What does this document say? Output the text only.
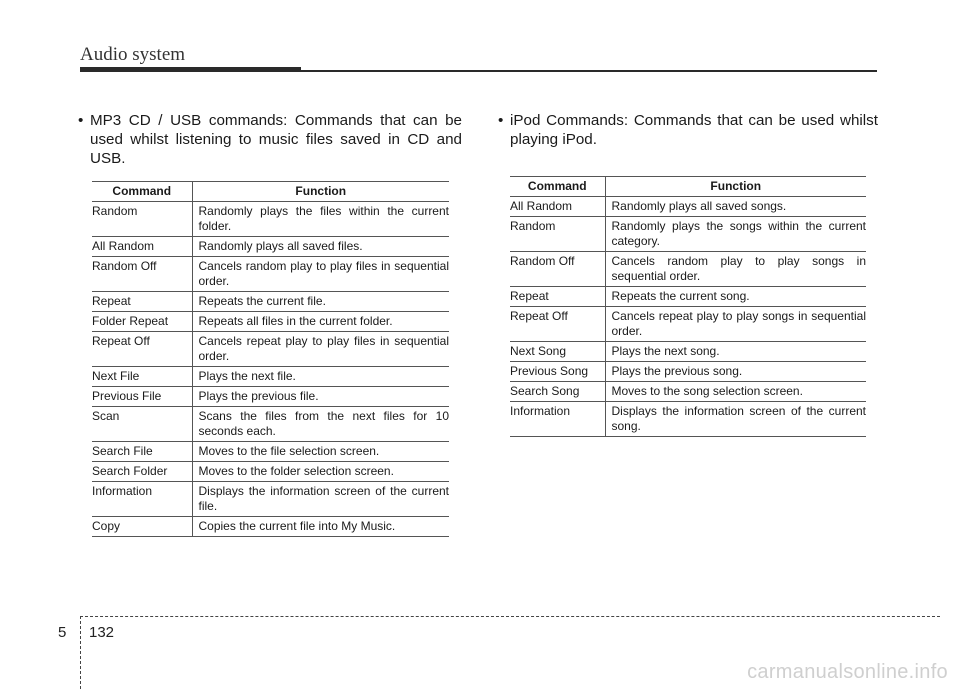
Audio system
• MP3 CD / USB commands: Commands that can be used whilst listening to music files saved in CD and USB.
• iPod Commands: Commands that can be used whilst playing iPod.
Command	Function
Random	Randomly plays the files within the current folder.
All Random	Randomly plays all saved files.
Random Off	Cancels random play to play files in sequential order.
Repeat	Repeats the current file.
Folder Repeat	Repeats all files in the current folder.
Repeat Off	Cancels repeat play to play files in sequential order.
Next File	Plays the next file.
Previous File	Plays the previous file.
Scan	Scans the files from the next files for 10 seconds each.
Search File	Moves to the file selection screen.
Search Folder	Moves to the folder selection screen.
Information	Displays the information screen of the current file.
Copy	Copies the current file into My Music.
Command	Function
All Random	Randomly plays all saved songs.
Random	Randomly plays the songs within the current category.
Random Off	Cancels random play to play songs in sequential order.
Repeat	Repeats the current song.
Repeat Off	Cancels repeat play to play songs in sequential order.
Next Song	Plays the next song.
Previous Song	Plays the previous song.
Search Song	Moves to the song selection screen.
Information	Displays the information screen of the current song.
5 132
carmanualsonline.info
